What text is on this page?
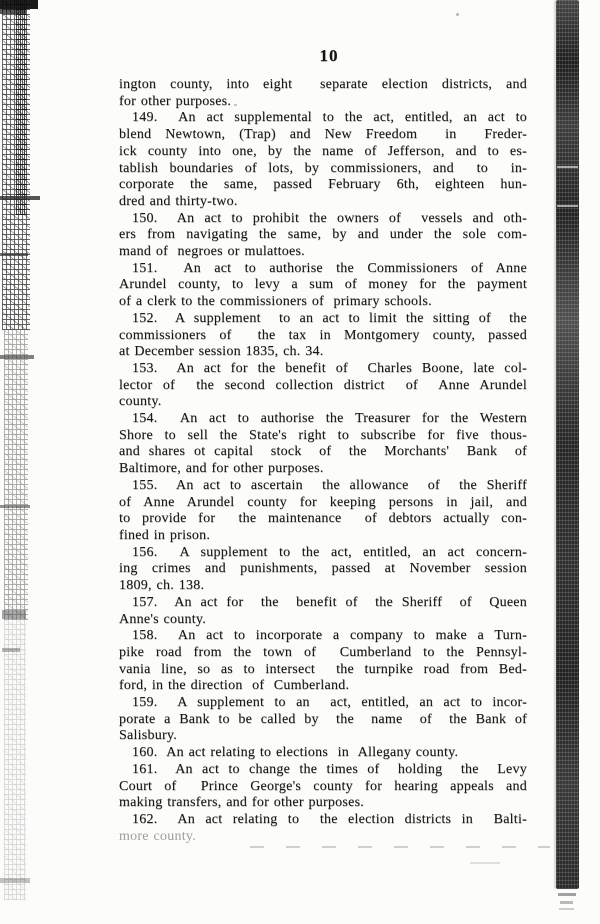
10
ington county, into eight  separate election districts, and
for other purposes.
149.  An act supplemental to the act, entitled, an act to
blend Newtown, (Trap) and New Freedom  in  Freder-
ick county into one, by the name of Jefferson, and to es-
tablish boundaries of lots, by commissioners, and  to  in-
corporate the same, passed February 6th, eighteen hun-
dred and thirty-two.
150.  An act to prohibit the owners of  vessels and oth-
ers from navigating the same, by and under the sole com-
mand of  negroes or mulattoes.
151.  An act to authorise the Commissioners of Anne
Arundel county, to levy a sum of money for the payment
of a clerk to the commissioners of  primary schools.
152.  A supplement  to an act to limit the sitting of  the
commissioners of  the tax in Montgomery county, passed
at December session 1835, ch. 34.
153.  An act for the benefit of  Charles Boone, late col-
lector of  the second collection district  of  Anne Arundel
county.
154.  An act to authorise the Treasurer for the Western
Shore to sell the State's right to subscribe for five thous-
and shares ot capital  stock  of  the  Morchants'  Bank  of
Baltimore, and for other purposes.
155.  An act to ascertain  the allowance  of  the Sheriff
of Anne Arundel county for keeping persons in jail, and
to provide for  the maintenance  of debtors actually con-
fined in prison.
156.  A supplement to the act, entitled, an act concern-
ing crimes and punishments, passed at November session
1809, ch. 138.
157.  An act for  the  benefit of  the Sheriff  of  Queen
Anne's county.
158.  An act to incorporate a company to make a Turn-
pike road from the town of  Cumberland to the Pennsyl-
vania line, so as to intersect  the turnpike road from Bed-
ford, in the direction  of  Cumberland.
159.  A supplement to an  act, entitled, an act to incor-
porate a Bank to be called by  the  name  of  the Bank of
Salisbury.
160.  An act relating to elections  in  Allegany county.
161.  An act to change the times of  holding  the  Levy
Court of  Prince George's county for hearing appeals and
making transfers, and for other purposes.
162.  An act relating to  the election districts in  Balti-
more county.
